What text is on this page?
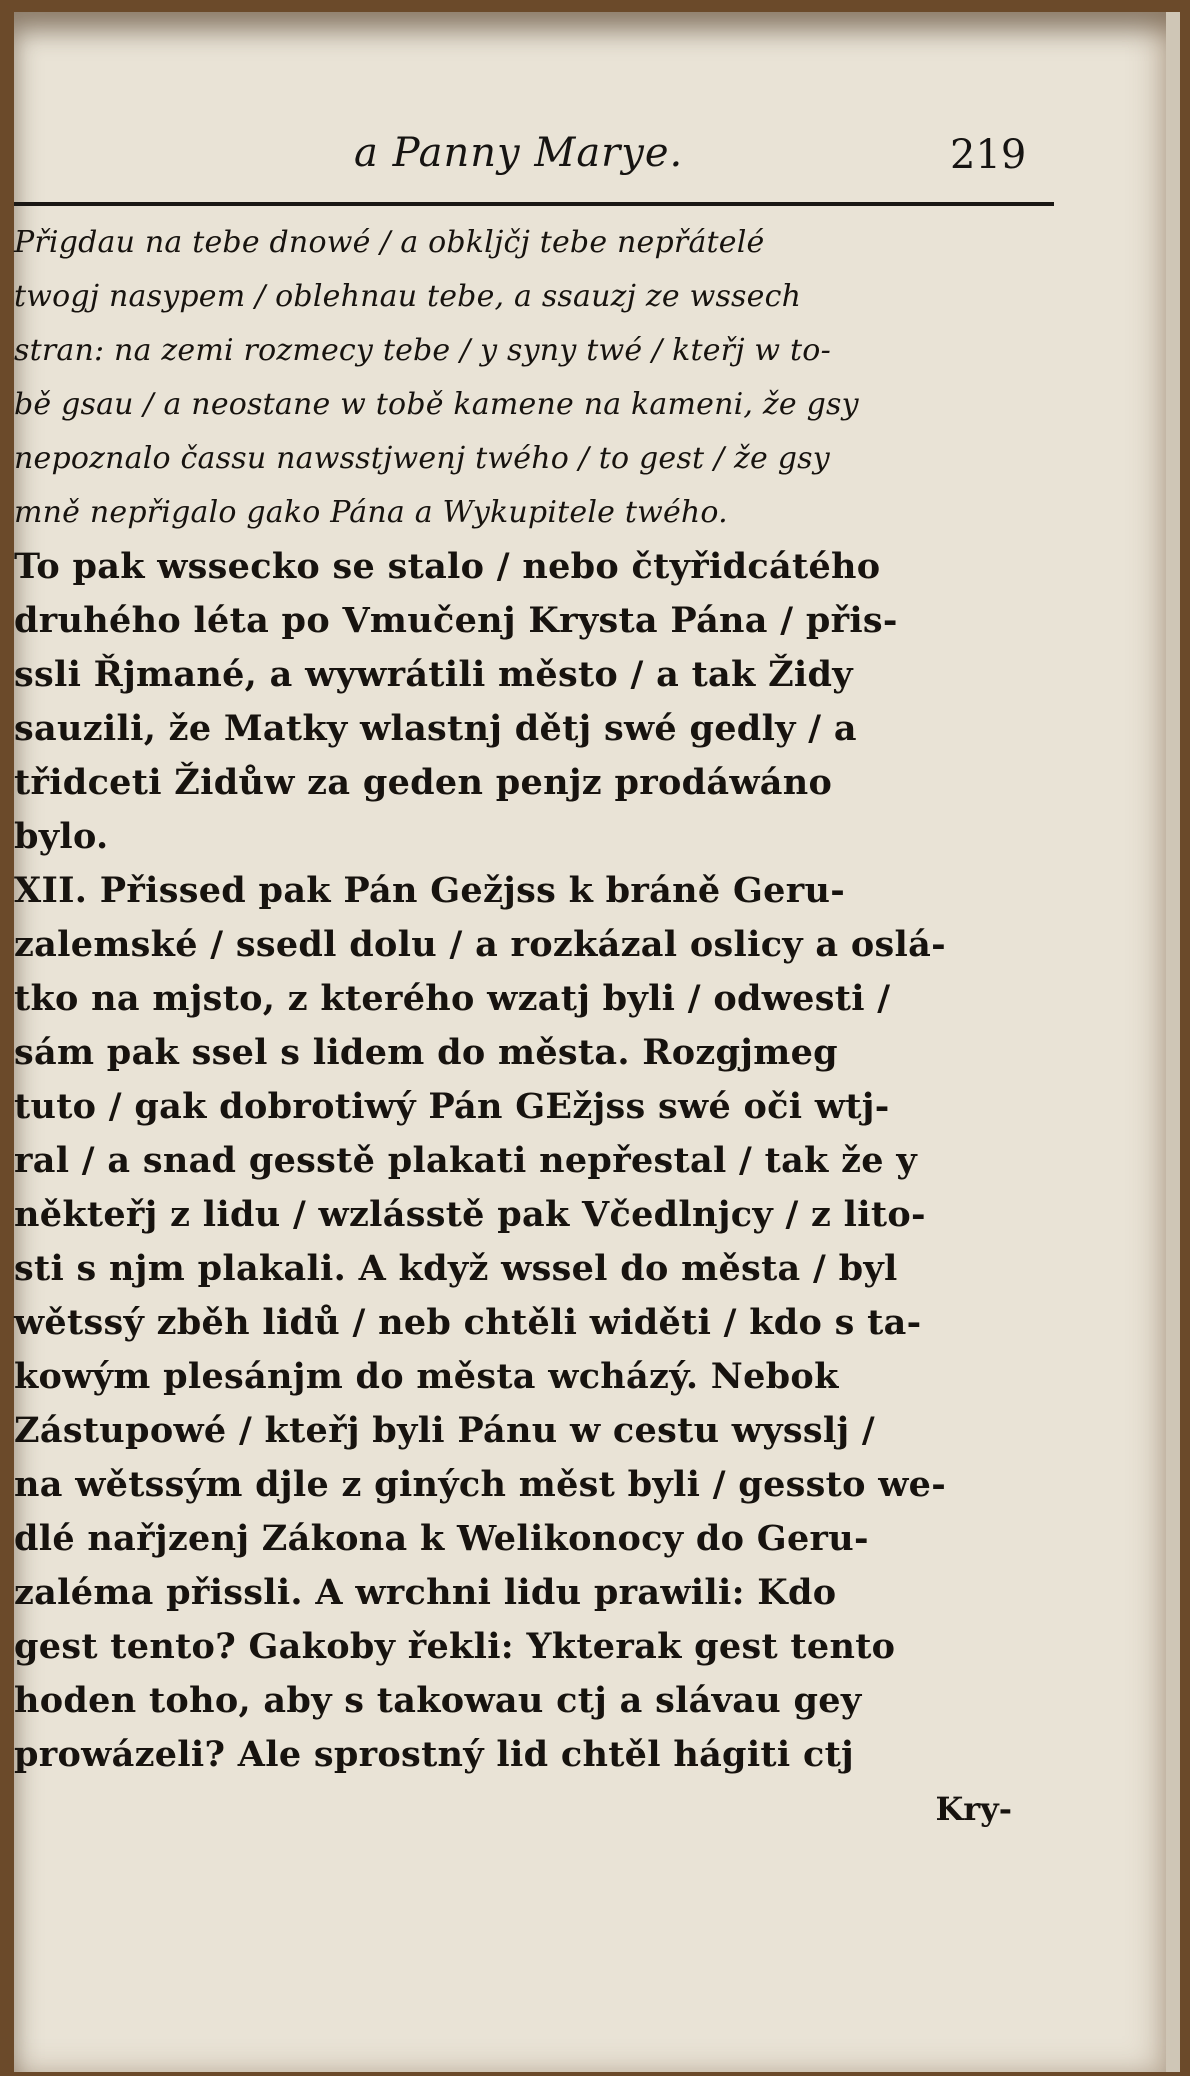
a Panny Marye.	219
Přigdau na tebe dnowé / a obkljčj tebe nepřátelé
twogj nasypem / oblehnau tebe, a ssauzj ze wssech
stran: na zemi rozmecy tebe / y syny twé / kteřj w to-
bě gsau / a neostane w tobě kamene na kameni, že gsy
nepoznalo čassu nawsstjwenj twého / to gest / že gsy
mně nepřigalo gako Pána a Wykupitele twého.
To pak wssecko se stalo / nebo čtyřidcátého
druhého léta po Vmučenj Krysta Pána / přis-
ssli Řjmané, a wywrátili město / a tak Židy
sauzili, že Matky wlastnj dětj swé gedly / a
třidceti Židůw za geden penjz prodáwáno
bylo.
XII. Přissed pak Pán Gežjss k bráně Geru-
zalemské / ssedl dolu / a rozkázal oslicy a oslá-
tko na mjsto, z kterého wzatj byli / odwesti /
sám pak ssel s lidem do města. Rozgjmeg
tuto / gak dobrotiwý Pán GEžjss swé oči wtj-
ral / a snad gesstě plakati nepřestal / tak že y
někteřj z lidu / wzlásstě pak Včedlnjcy / z lito-
sti s njm plakali. A když wssel do města / byl
wětssý zběh lidů / neb chtěli widěti / kdo s ta-
kowým plesánjm do města wcházý. Nebok
Zástupowé / kteřj byli Pánu w cestu wysslj /
na wětssým djle z giných měst byli / gessto we-
dlé nařjzenj Zákona k Welikonocy do Geru-
zaléma přissli. A wrchni lidu prawili: Kdo
gest tento? Gakoby řekli: Ykterak gest tento
hoden toho, aby s takowau ctj a slávau gey
prowázeli? Ale sprostný lid chtěl hágiti ctj
Kry-
